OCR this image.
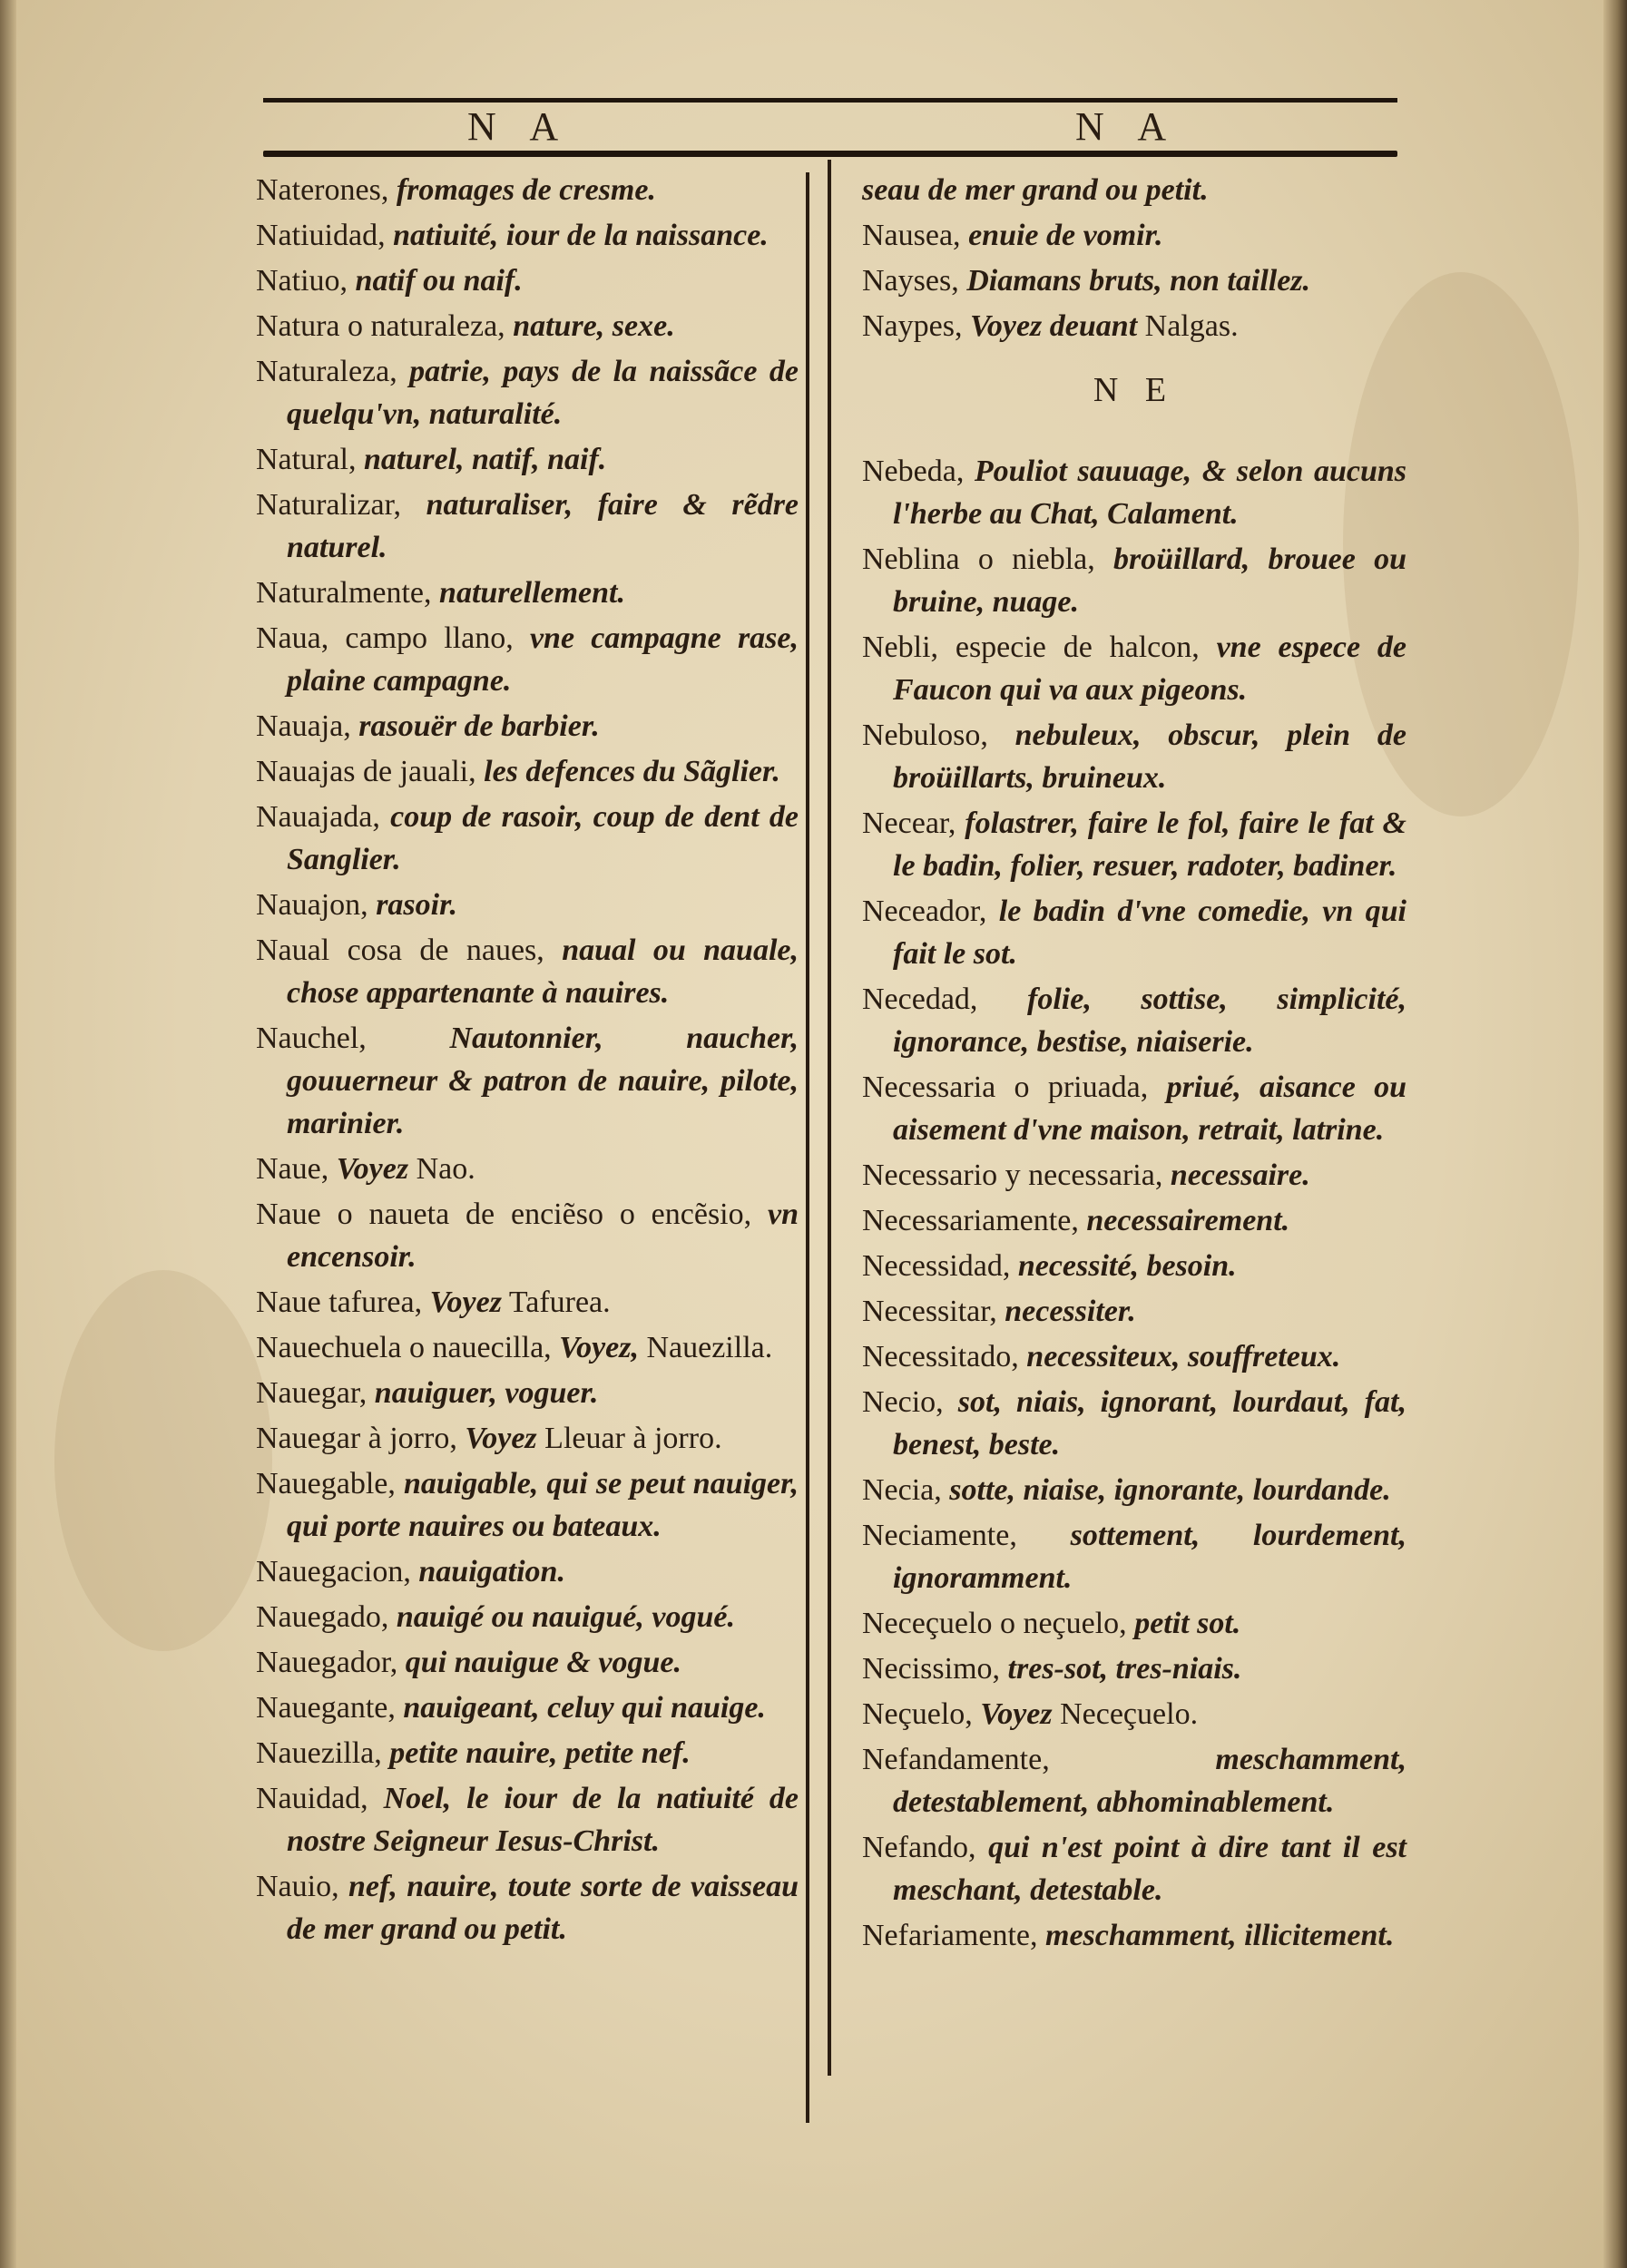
N A	N A

Naterones, fromages de cresme.

Natiuidad, natiuité, iour de la naissance.

Natiuo, natif ou naif.

Natura o naturaleza, nature, sexe.

Naturaleza, patrie, pays de la naissãce de quelqu'vn, naturalité.

Natural, naturel, natif, naif.

Naturalizar, naturaliser, faire & rẽdre naturel.

Naturalmente, naturellement.

Naua, campo llano, vne campagne rase, plaine campagne.

Nauaja, rasouër de barbier.

Nauajas de jauali, les defences du Sãglier.

Nauajada, coup de rasoir, coup de dent de Sanglier.

Nauajon, rasoir.

Naual cosa de naues, naual ou nauale, chose appartenante à nauires.

Nauchel,	Nautonnier, naucher, gouuerneur & patron de nauire, pilote, marinier.

Naue, Voyez Nao.

Naue o naueta de enciẽso o encẽsio, vn encensoir.

Naue tafurea, Voyez Tafurea.

Nauechuela o nauecilla, Voyez, Nauezilla.

Nauegar, nauiguer, voguer.

Nauegar à jorro, Voyez Lleuar à jorro.

Nauegable, nauigable, qui se peut nauiger, qui porte nauires ou bateaux.

Nauegacion, nauigation.

Nauegado, nauigé ou nauigué, vogué.

Nauegador, qui nauigue & vogue.

Nauegante, nauigeant, celuy qui nauige.

Nauezilla, petite nauire, petite nef.

Nauidad, Noel, le iour de la natiuité de nostre Seigneur Iesus-Christ.

Nauio, nef, nauire, toute sorte de vaisseau de mer grand ou petit.

seau de mer grand ou petit.

Nausea, enuie de vomir.

Nayses, Diamans bruts, non taillez.

Naypes, Voyez deuant Nalgas.

N E

Nebeda, Pouliot sauuage, & selon aucuns l'herbe au Chat, Calament.

Neblina o niebla, broüillard, brouee ou bruine, nuage.

Nebli, especie de halcon, vne espece de Faucon qui va aux pigeons.

Nebuloso, nebuleux, obscur, plein de broüillarts, bruineux.

Necear, folastrer, faire le fol, faire le fat & le badin, folier, resuer, radoter, badiner.

Neceador, le badin d'vne comedie, vn qui fait le sot.

Necedad, folie, sottise, simplicité, ignorance, bestise, niaiserie.

Necessaria o priuada, priué, aisance ou aisement d'vne maison, retrait, latrine.

Necessario y necessaria, necessaire.

Necessariamente, necessairement.

Necessidad, necessité, besoin.

Necessitar, necessiter.

Necessitado, necessiteux, souffreteux.

Necio, sot, niais, ignorant, lourdaut, fat, benest, beste.

Necia, sotte, niaise, ignorante, lourdande.

Neciamente, sottement, lourdement, ignoramment.

Neceçuelo o neçuelo, petit sot.

Necissimo, tres-sot, tres-niais.

Neçuelo, Voyez Neceçuelo.

Nefandamente,	meschamment, detestablement, abhominablement.

Nefando, qui n'est point à dire tant il est meschant, detestable.

Nefariamente, meschamment, illicitement.
